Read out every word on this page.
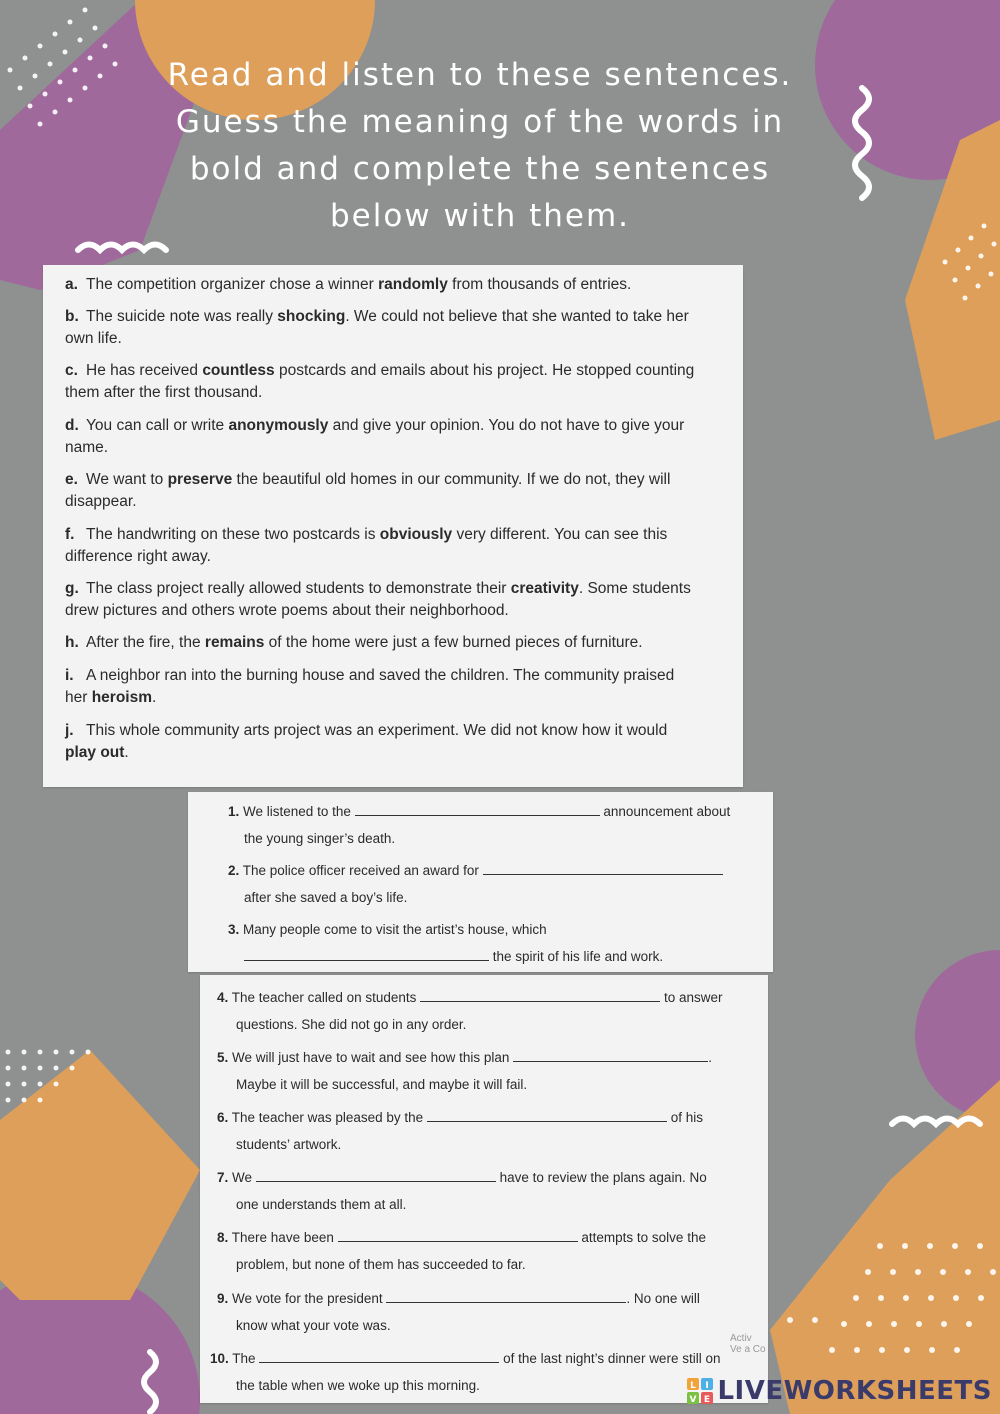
Read and listen to these sentences.
Guess the meaning of the words in
bold and complete the sentences
below with them.
a. The competition organizer chose a winner randomly from thousands of entries.
b. The suicide note was really shocking. We could not believe that she wanted to take her own life.
c. He has received countless postcards and emails about his project. He stopped counting them after the first thousand.
d. You can call or write anonymously and give your opinion. You do not have to give your name.
e. We want to preserve the beautiful old homes in our community. If we do not, they will disappear.
f. The handwriting on these two postcards is obviously very different. You can see this difference right away.
g. The class project really allowed students to demonstrate their creativity. Some students drew pictures and others wrote poems about their neighborhood.
h. After the fire, the remains of the home were just a few burned pieces of furniture.
i. A neighbor ran into the burning house and saved the children. The community praised her heroism.
j. This whole community arts project was an experiment. We did not know how it would play out.
1. We listened to the	announcement about
the young singer’s death.
2. The police officer received an award for
after she saved a boy’s life.
3. Many people come to visit the artist’s house, which
the spirit of his life and work.
4. The teacher called on students	to answer
questions. She did not go in any order.
5. We will just have to wait and see how this plan	.
Maybe it will be successful, and maybe it will fail.
6. The teacher was pleased by the	of his
students’ artwork.
7. We	have to review the plans again. No
one understands them at all.
8. There have been	attempts to solve the
problem, but none of them has succeeded to far.
9. We vote for the president	. No one will
know what your vote was.
10. The	of the last night’s dinner were still on
the table when we woke up this morning.
Activ
Ve a Co
L I
V E LIVEWORKSHEETS
